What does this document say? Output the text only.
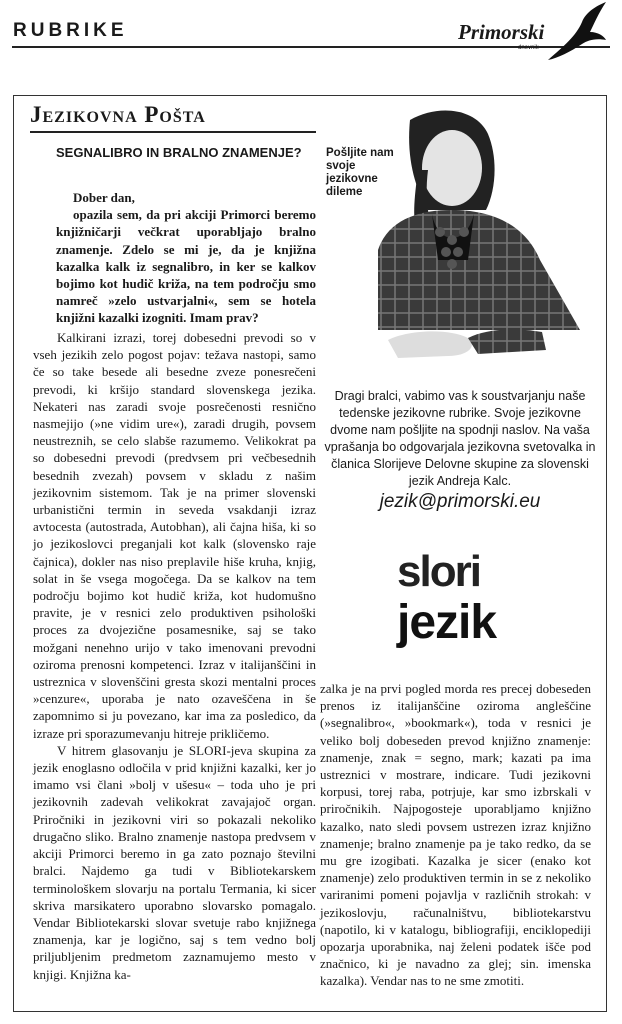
RUBRIKE	Primorski
dnevnik
Jezikovna Pošta
SEGNALIBRO IN BRALNO ZNAMENJE?

Dober dan,

opazila sem, da pri akciji Primorci beremo knjižničarji večkrat uporabljajo bralno znamenje. Zdelo se mi je, da je knjižna kazalka kalk iz segnalibro, in ker se kalkov bojimo kot hudič križa, na tem področju smo namreč »zelo ustvarjalni«, sem se hotela knjižni kazalki izogniti. Imam prav?

Pošljite nam svoje jezikovne dileme
Dragi bralci, vabimo vas k soustvarjanju naše tedenske jezikovne rubrike. Svoje jezikovne dvome nam pošljite na spodnji naslov. Na vaša vprašanja bo odgovarjala jezikovna svetovalka in članica Slorijeve Delovne skupine za slovenski jezik Andreja Kalc.
jezik@primorski.eu
slori
jezik

Kalkirani izrazi, torej dobesedni prevodi so v vseh jezikih zelo pogost pojav: težava nastopi, samo če so take besede ali besedne zveze ponesrečeni prevodi, ki kršijo standard slovenskega jezika. Nekateri nas zaradi svoje posrečenosti resnično nasmejijo (»ne vidim ure«), zaradi drugih, povsem neustreznih, se celo slabše razumemo. Velikokrat pa so dobesedni prevodi (predvsem pri večbesednih besednih zvezah) povsem v skladu z našim jezikovnim sistemom. Tak je na primer slovenski urbanistični termin in seveda vsakdanji izraz avtocesta (autostrada, Autobhan), ali čajna hiša, ki so jo jezikoslovci preganjali kot kalk (slovensko raje čajnica), dokler nas niso preplavile hiše kruha, knjig, solat in še vsega mogočega. Da se kalkov na tem področju bojimo kot hudič križa, kot hudomušno pravite, je v resnici zelo produktiven psihološki proces za dvojezične posamesnike, saj se tako možgani nenehno urijo v tako imenovani prevodni oziroma prenosni kompetenci. Izraz v italijanščini in ustreznica v slovenščini gresta skozi mentalni proces »cenzure«, uporaba je nato ozaveščena in še zapomnimo si ju povezano, kar ima za posledico, da izraze pri sporazumevanju hitreje prikličemo.

V hitrem glasovanju je SLORI-jeva skupina za jezik enoglasno odločila v prid knjižni kazalki, ker jo imamo vsi člani »bolj v ušesu« – toda uho je pri jezikovnih zadevah velikokrat zavajajoč organ. Priročniki in jezikovni viri so pokazali nekoliko drugačno sliko. Bralno znamenje nastopa predvsem v akciji Primorci beremo in ga zato poznajo številni bralci. Najdemo ga tudi v Bibliotekarskem terminološkem slovarju na portalu Termania, ki sicer skriva marsikatero uporabno slovarsko pomagalo. Vendar Bibliotekarski slovar svetuje rabo knjižnega znamenja, kar je logično, saj s tem vedno bolj priljubljenim predmetom zaznamujemo mesto v knjigi. Knjižna ka-

zalka je na prvi pogled morda res precej dobeseden prenos iz italijanščine oziroma angleščine (»segnalibro«, »bookmark«), toda v resnici je veliko bolj dobeseden prevod knjižno znamenje: znamenje, znak = segno, mark; kazati pa ima ustreznici v mostrare, indicare. Tudi jezikovni korpusi, torej raba, potrjuje, kar smo izbrskali v priročnikih. Najpogosteje uporabljamo knjižno kazalko, nato sledi povsem ustrezen izraz knjižno znamenje; bralno znamenje pa je tako redko, da se mu gre izogibati. Kazalka je sicer (enako kot znamenje) zelo produktiven termin in se z nekoliko variranimi pomeni pojavlja v različnih strokah: v jezikoslovju, računalništvu, bibliotekarstvu (napotilo, ki v katalogu, bibliografiji, enciklopediji opozarja uporabnika, naj želeni podatek išče pod značnico, ki je navadno za glej; sin. imenska kazalka). Vendar nas to ne sme zmotiti.
